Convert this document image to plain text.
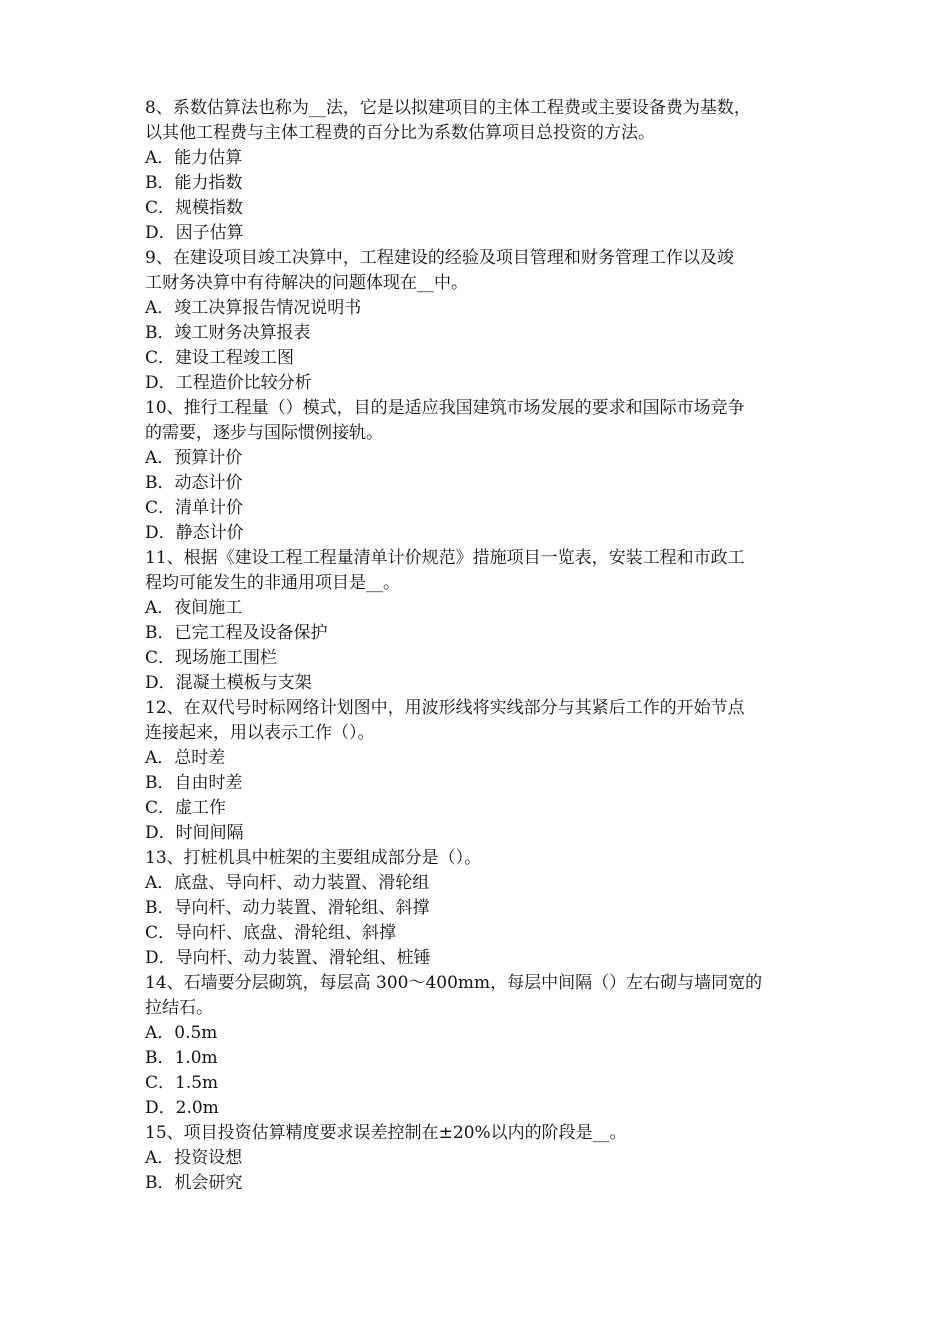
8、系数估算法也称为__法，它是以拟建项目的主体工程费或主要设备费为基数，
以其他工程费与主体工程费的百分比为系数估算项目总投资的方法。
A．能力估算
B．能力指数
C．规模指数
D．因子估算
9、在建设项目竣工决算中，工程建设的经验及项目管理和财务管理工作以及竣
工财务决算中有待解决的问题体现在__中。
A．竣工决算报告情况说明书
B．竣工财务决算报表
C．建设工程竣工图
D．工程造价比较分析
10、推行工程量（）模式，目的是适应我国建筑市场发展的要求和国际市场竞争
的需要，逐步与国际惯例接轨。
A．预算计价
B．动态计价
C．清单计价
D．静态计价
11、根据《建设工程工程量清单计价规范》措施项目一览表，安装工程和市政工
程均可能发生的非通用项目是__。
A．夜间施工
B．已完工程及设备保护
C．现场施工围栏
D．混凝土模板与支架
12、在双代号时标网络计划图中，用波形线将实线部分与其紧后工作的开始节点
连接起来，用以表示工作（）。
A．总时差
B．自由时差
C．虚工作
D．时间间隔
13、打桩机具中桩架的主要组成部分是（）。
A．底盘、导向杆、动力装置、滑轮组
B．导向杆、动力装置、滑轮组、斜撑
C．导向杆、底盘、滑轮组、斜撑
D．导向杆、动力装置、滑轮组、桩锤
14、石墙要分层砌筑，每层高 300～400mm，每层中间隔（）左右砌与墙同宽的
拉结石。
A．0.5m
B．1.0m
C．1.5m
D．2.0m
15、项目投资估算精度要求误差控制在±20%以内的阶段是__。
A．投资设想
B．机会研究
